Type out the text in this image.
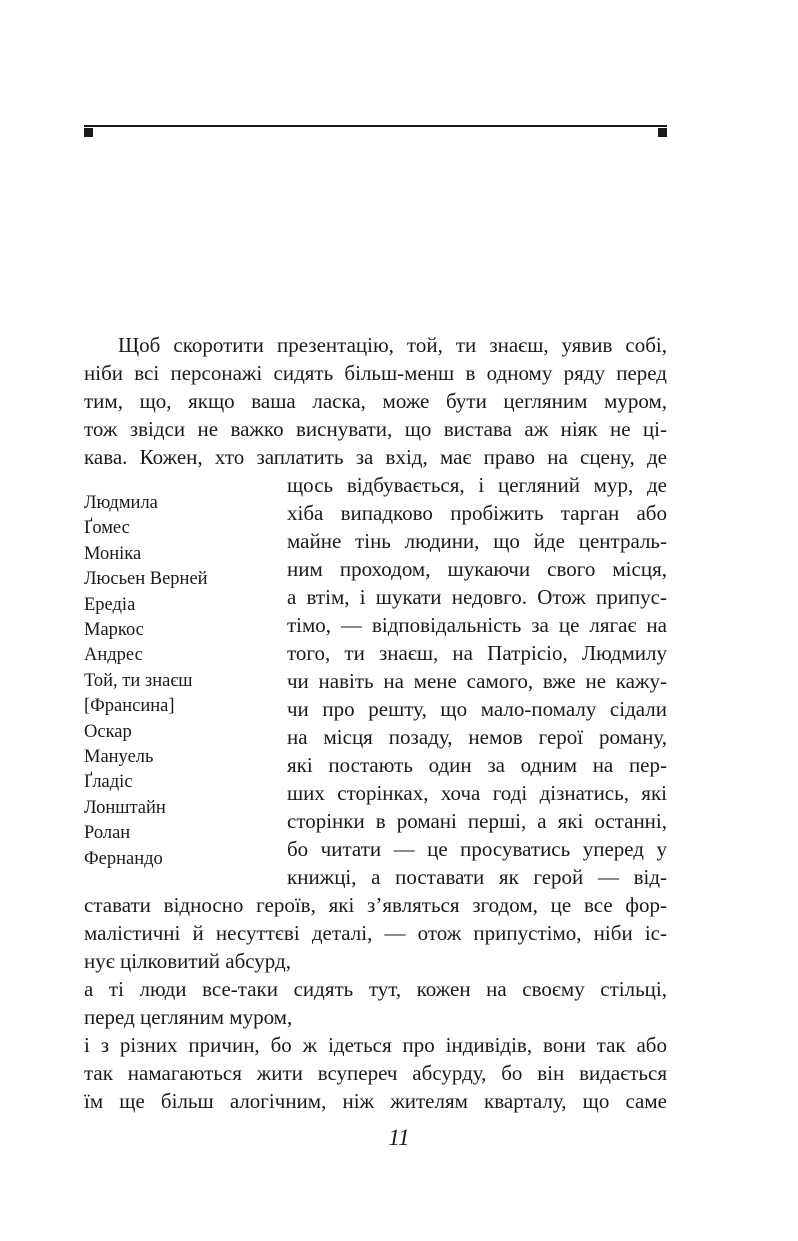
Щоб скоротити презентацію, той, ти знаєш, уявив собі,
ніби всі персонажі сидять більш-менш в одному ряду перед
тим, що, якщо ваша ласка, може бути цегляним муром,
тож звідси не важко виснувати, що вистава аж ніяк не ці-
кава. Кожен, хто заплатить за вхід, має право на сцену, де
щось відбувається, і цегляний мур, де
хіба випадково пробіжить тарган або
майне тінь людини, що йде централь-
ним проходом, шукаючи свого місця,
а втім, і шукати недовго. Отож припус-
тімо, — відповідальність за це лягає на
того, ти знаєш, на Патрісіо, Людмилу
чи навіть на мене самого, вже не кажу-
чи про решту, що мало-помалу сідали
на місця позаду, немов герої роману,
які постають один за одним на пер-
ших сторінках, хоча годі дізнатись, які
сторінки в романі перші, а які останні,
бо читати — це просуватись уперед у
книжці, а поставати як герой — від-
ставати відносно героїв, які з’являться згодом, це все фор-
малістичні й несуттєві деталі, — отож припустімо, ніби іс-
нує цілковитий абсурд,
а ті люди все-таки сидять тут, кожен на своєму стільці,
перед цегляним муром,
і з різних причин, бо ж ідеться про індивідів, вони так або
так намагаються жити всупереч абсурду, бо він видається
їм ще більш алогічним, ніж жителям кварталу, що саме
Людмила
Ґомес
Моніка
Люсьен Верней
Ередіа
Маркос
Андрес
Той, ти знаєш
[Франсина]
Оскар
Мануель
Ґладіс
Лонштайн
Ролан
Фернандо
11
